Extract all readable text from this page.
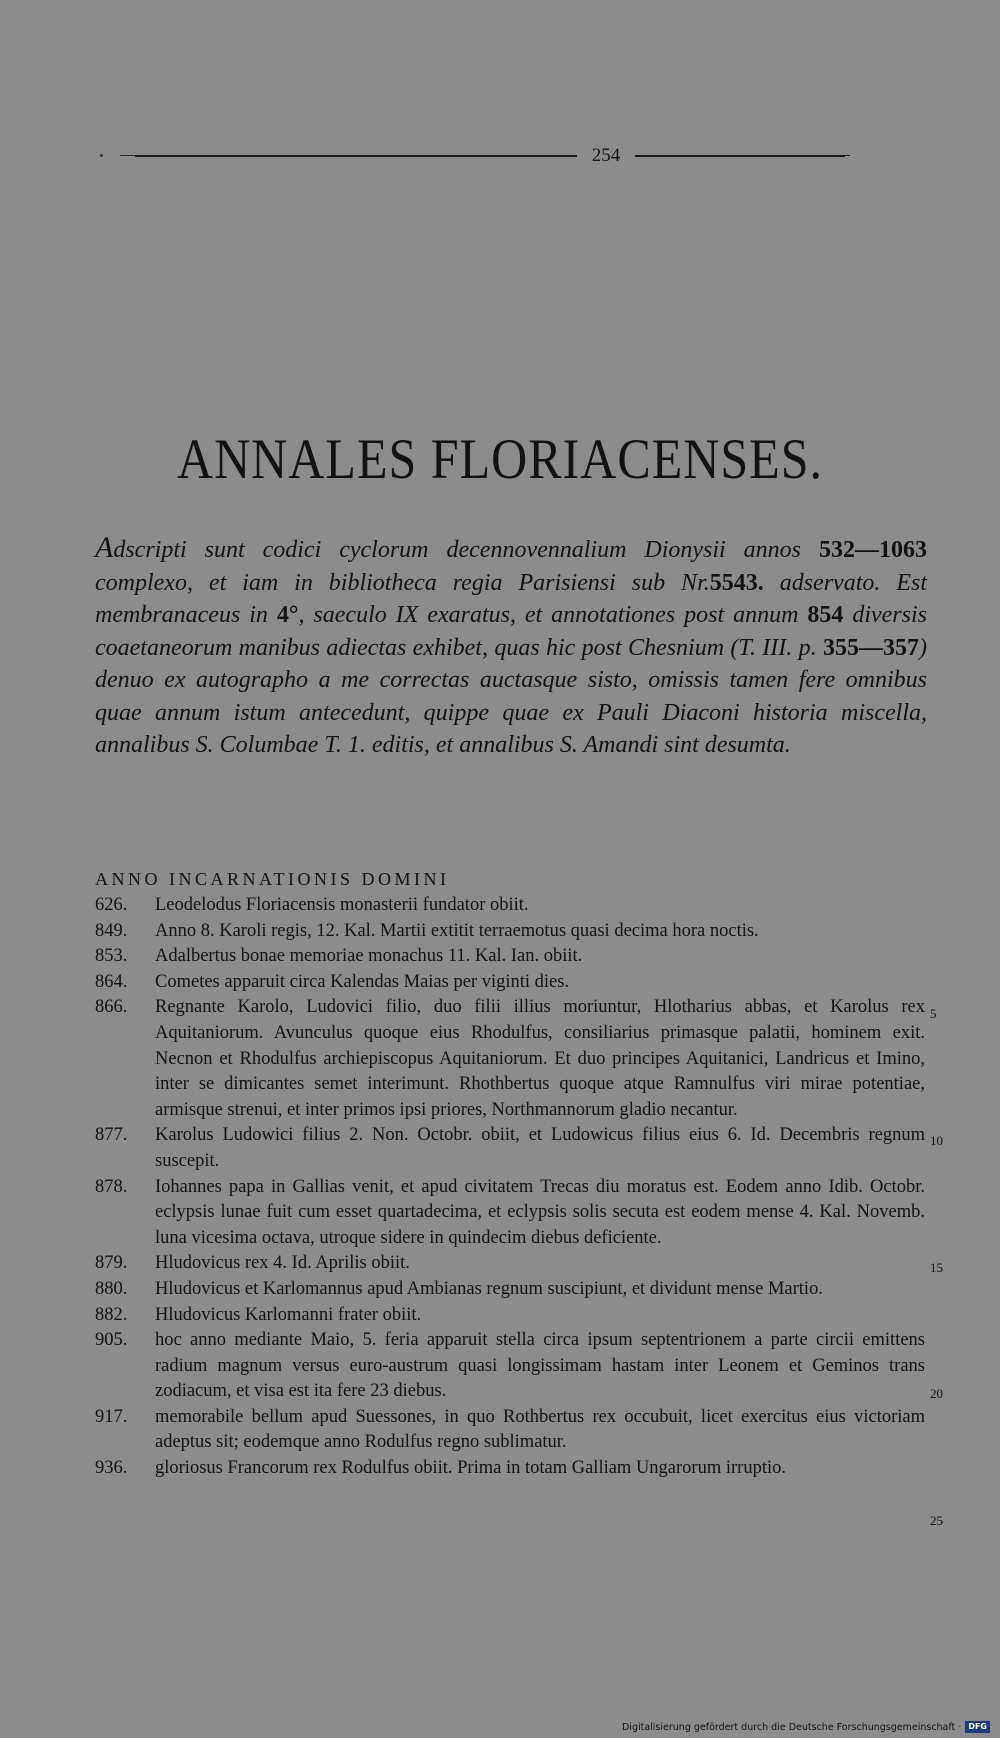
254
ANNALES FLORIACENSES.

Adscripti sunt codici cyclorum decennovennalium Dionysii annos 532—1063 complexo, et iam in bibliotheca regia Parisiensi sub Nr.5543. adservato. Est membranaceus in 4°, saeculo IX exaratus, et annotationes post annum 854 diversis coaetaneorum manibus adiectas exhibet, quas hic post Chesnium (T. III. p. 355—357) denuo ex autographo a me correctas auctasque sisto, omissis tamen fere omnibus quae annum istum antecedunt, quippe quae ex Pauli Diaconi historia miscella, annalibus S. Columbae T. 1. editis, et annalibus S. Amandi sint desumta.

ANNO INCARNATIONIS DOMINI
626.	Leodelodus Floriacensis monasterii fundator obiit.
849.	Anno 8. Karoli regis, 12. Kal. Martii extitit terraemotus quasi decima hora noctis.
853.	Adalbertus bonae memoriae monachus 11. Kal. Ian. obiit.
864.	Cometes apparuit circa Kalendas Maias per viginti dies.
866.	Regnante Karolo, Ludovici filio, duo filii illius moriuntur, Hlotharius abbas, et Karolus rex Aquitaniorum. Avunculus quoque eius Rhodulfus, consiliarius primasque palatii, hominem exit. Necnon et Rhodulfus archiepiscopus Aquitaniorum. Et duo principes Aquitanici, Landricus et Imino, inter se dimicantes semet interimunt. Rhothbertus quoque atque Ramnulfus viri mirae potentiae, armisque strenui, et inter primos ipsi priores, Northmannorum gladio necantur.
877.	Karolus Ludowici filius 2. Non. Octobr. obiit, et Ludowicus filius eius 6. Id. Decembris regnum suscepit.
878.	Iohannes papa in Gallias venit, et apud civitatem Trecas diu moratus est. Eodem anno Idib. Octobr. eclypsis lunae fuit cum esset quartadecima, et eclypsis solis secuta est eodem mense 4. Kal. Novemb. luna vicesima octava, utroque sidere in quindecim diebus deficiente.
879.	Hludovicus rex 4. Id. Aprilis obiit.
880.	Hludovicus et Karlomannus apud Ambianas regnum suscipiunt, et dividunt mense Martio.
882.	Hludovicus Karlomanni frater obiit.
905.	hoc anno mediante Maio, 5. feria apparuit stella circa ipsum septentrionem a parte circii emittens radium magnum versus euro-austrum quasi longissimam hastam inter Leonem et Geminos trans zodiacum, et visa est ita fere 23 diebus.
917.	memorabile bellum apud Suessones, in quo Rothbertus rex occubuit, licet exercitus eius victoriam adeptus sit; eodemque anno Rodulfus regno sublimatur.
936.	gloriosus Francorum rex Rodulfus obiit. Prima in totam Galliam Ungarorum irruptio.
5
10
15
20
25
Digitalisierung gefördert durch die Deutsche Forschungsgemeinschaft · DFG
